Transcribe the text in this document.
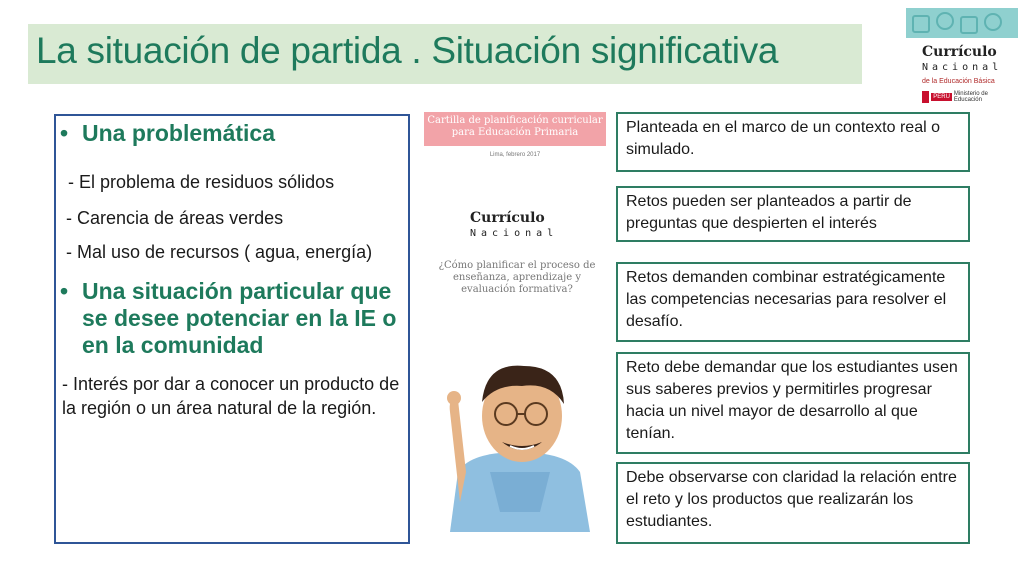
La situación de partida . Situación significativa	Currículo
Nacional
de la Educación Básica
PERÚ Ministerio de Educación
• Una problemática
- El problema de residuos sólidos
- Carencia de áreas verdes
- Mal uso de recursos ( agua, energía)
• Una situación particular que se desee potenciar en la IE o en la comunidad
- Interés por dar a conocer un producto de la región o un área natural de la región.
Cartilla de planificación curricular para Educación Primaria
Lima, febrero 2017
Currículo
Nacional
¿Cómo planificar el proceso de enseñanza, aprendizaje y evaluación formativa?
Planteada en el marco de un contexto real o simulado.
Retos pueden ser planteados a partir de preguntas que despierten el interés
Retos demanden combinar estratégicamente las competencias necesarias para resolver el desafío.
Reto debe demandar que los estudiantes usen sus saberes previos y permitirles progresar hacia un nivel mayor de desarrollo al que tenían.
Debe observarse con claridad la relación entre el reto y los productos que realizarán los estudiantes.
